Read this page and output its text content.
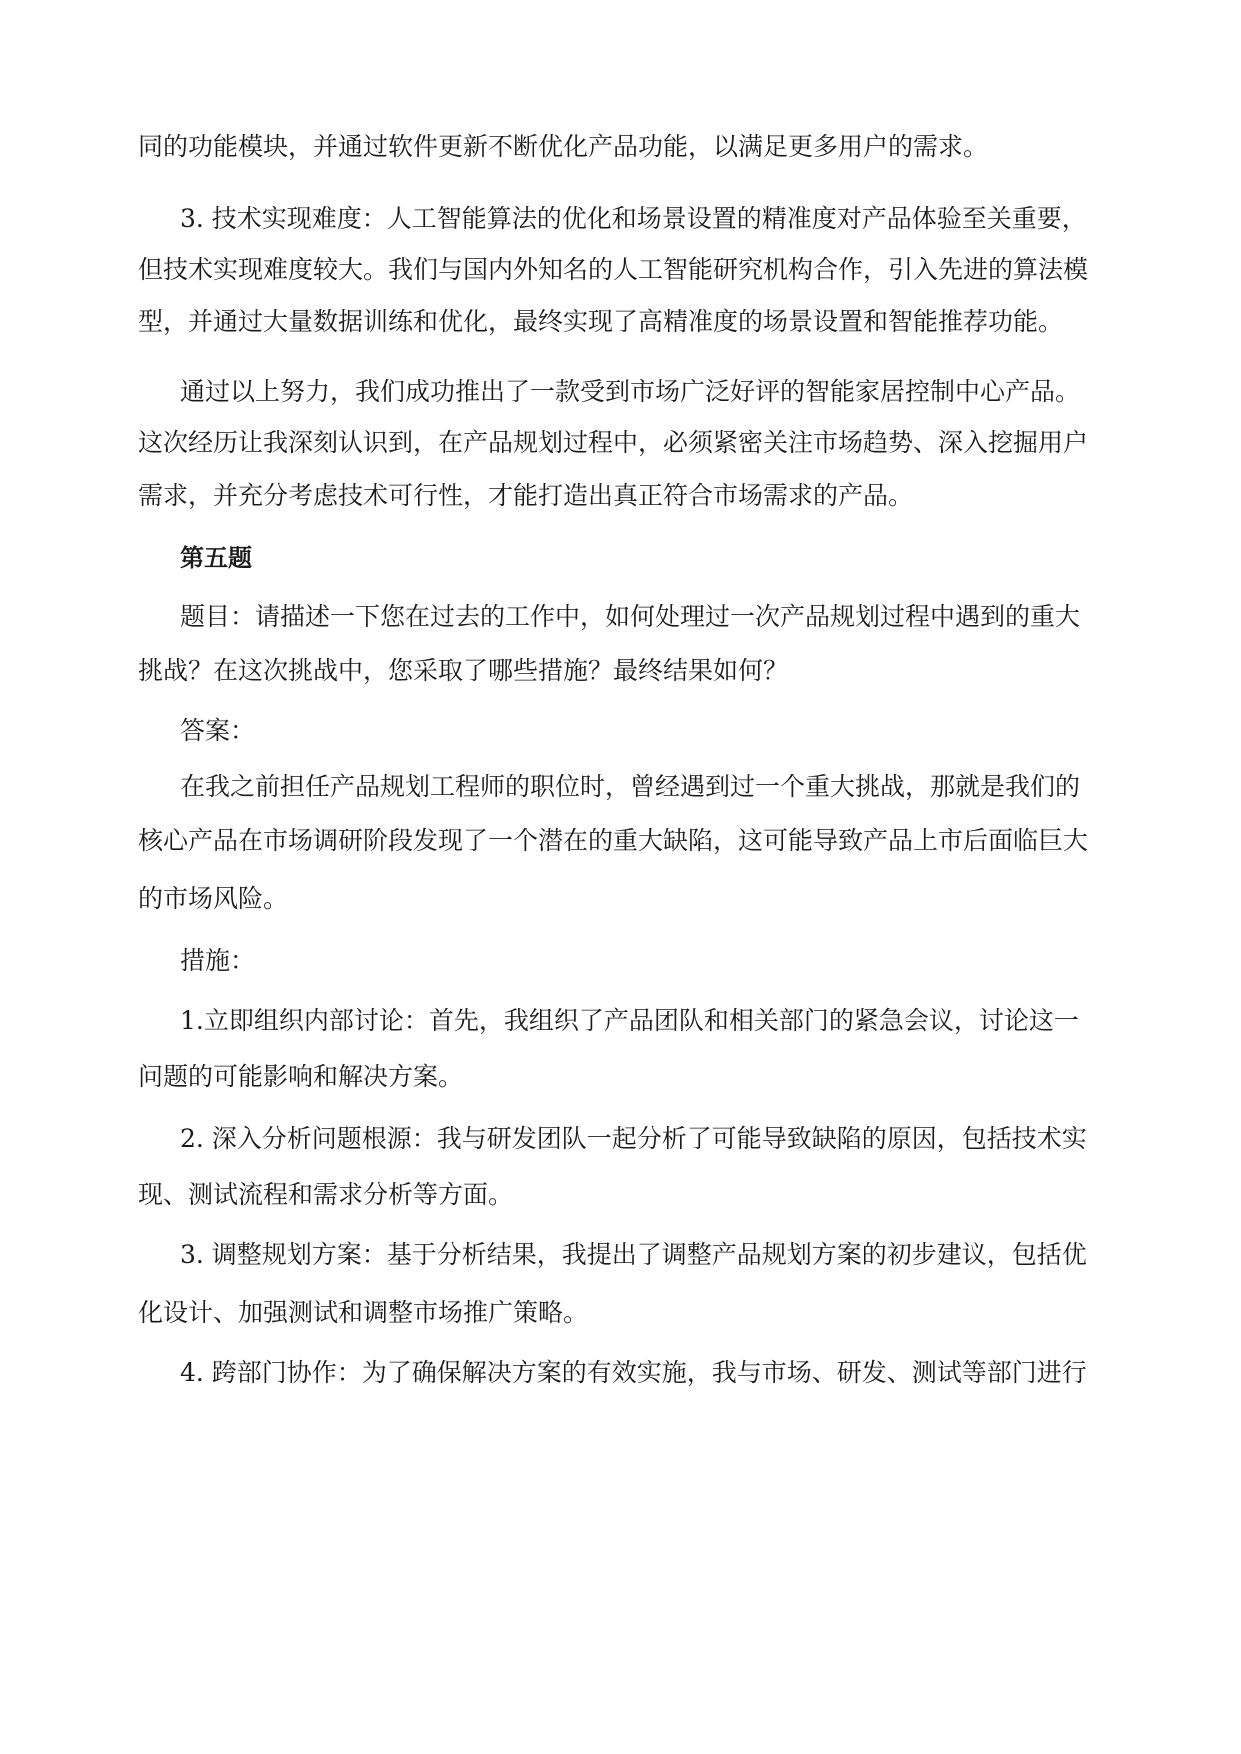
同的功能模块，并通过软件更新不断优化产品功能，以满足更多用户的需求。
3. 技术实现难度：人工智能算法的优化和场景设置的精准度对产品体验至关重要，
但技术实现难度较大。我们与国内外知名的人工智能研究机构合作，引入先进的算法模
型，并通过大量数据训练和优化，最终实现了高精准度的场景设置和智能推荐功能。
通过以上努力，我们成功推出了一款受到市场广泛好评的智能家居控制中心产品。
这次经历让我深刻认识到，在产品规划过程中，必须紧密关注市场趋势、深入挖掘用户
需求，并充分考虑技术可行性，才能打造出真正符合市场需求的产品。
第五题
题目：请描述一下您在过去的工作中，如何处理过一次产品规划过程中遇到的重大
挑战？在这次挑战中，您采取了哪些措施？最终结果如何？
答案：
在我之前担任产品规划工程师的职位时，曾经遇到过一个重大挑战，那就是我们的
核心产品在市场调研阶段发现了一个潜在的重大缺陷，这可能导致产品上市后面临巨大
的市场风险。
措施：
1.立即组织内部讨论：首先，我组织了产品团队和相关部门的紧急会议，讨论这一
问题的可能影响和解决方案。
2. 深入分析问题根源：我与研发团队一起分析了可能导致缺陷的原因，包括技术实
现、测试流程和需求分析等方面。
3. 调整规划方案：基于分析结果，我提出了调整产品规划方案的初步建议，包括优
化设计、加强测试和调整市场推广策略。
4. 跨部门协作：为了确保解决方案的有效实施，我与市场、研发、测试等部门进行
